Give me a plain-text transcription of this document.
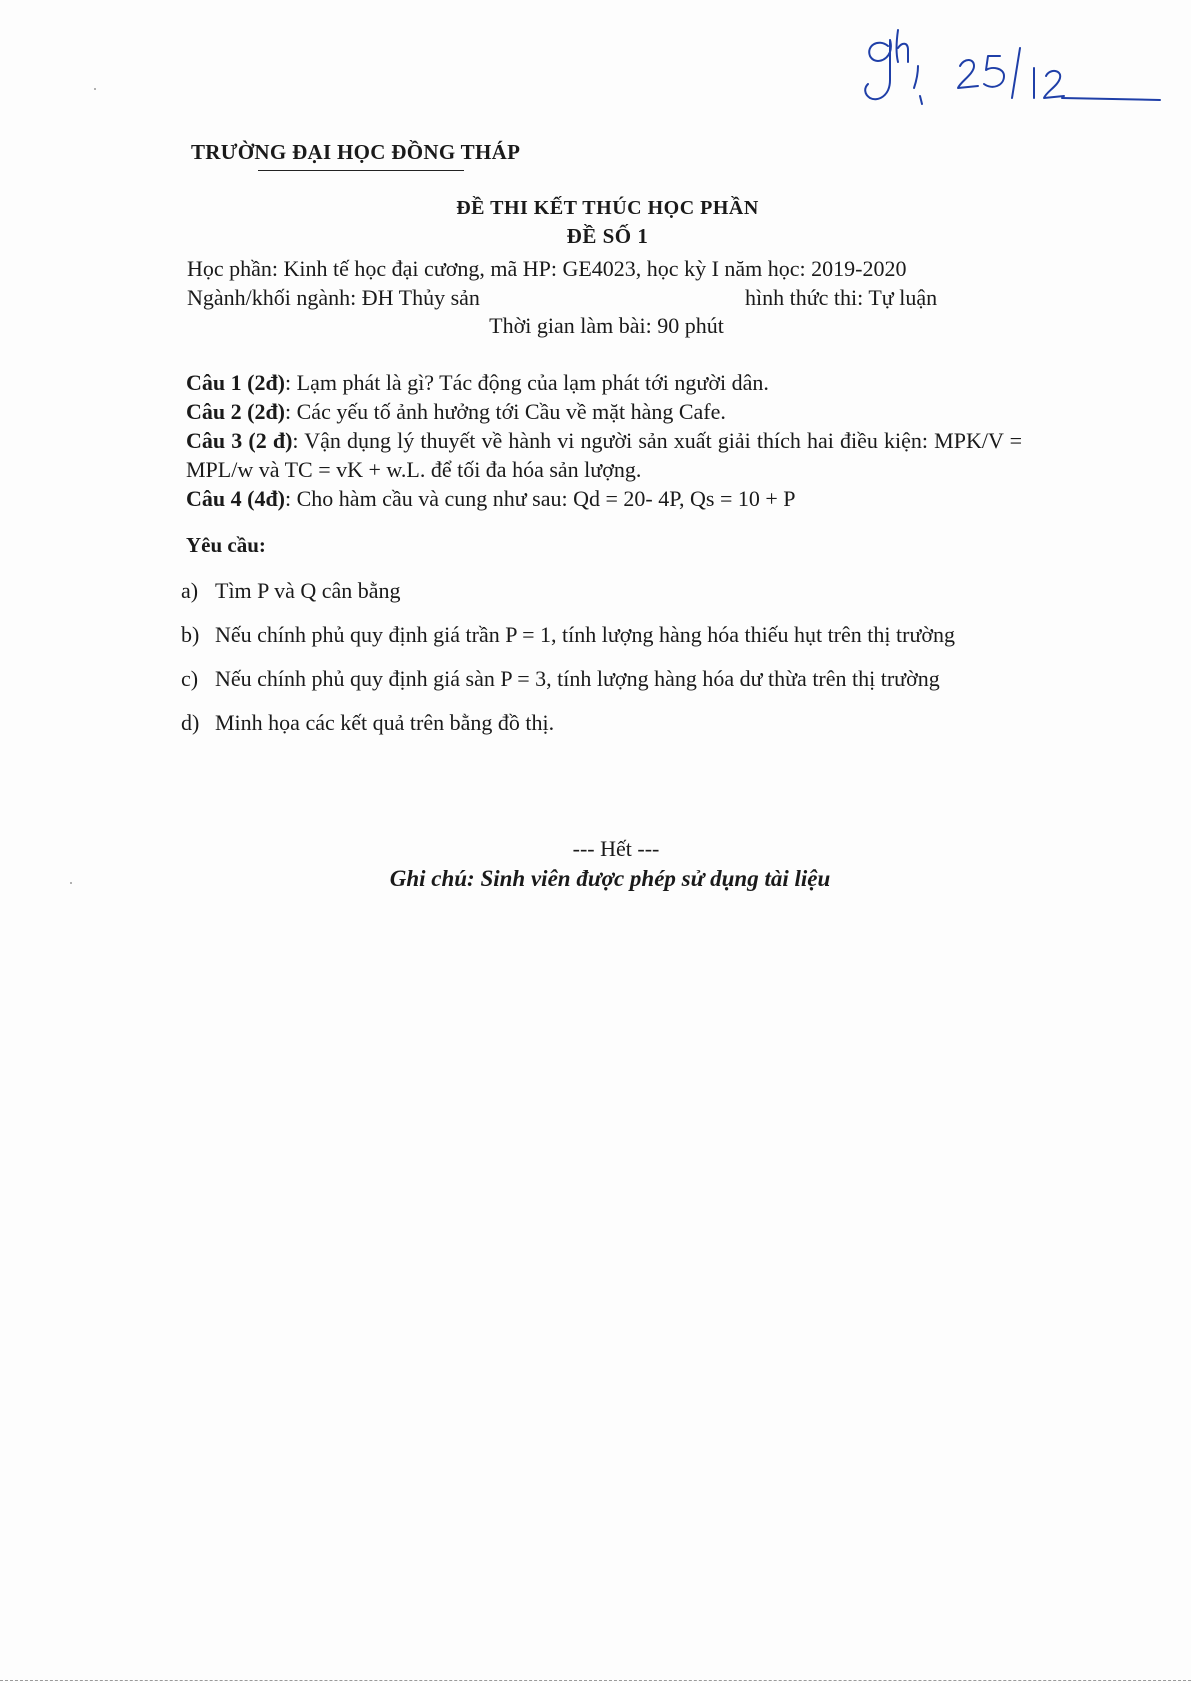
TRƯỜNG ĐẠI HỌC ĐỒNG THÁP
ĐỀ THI KẾT THÚC HỌC PHẦN
ĐỀ SỐ 1
Học phần: Kinh tế học đại cương, mã HP: GE4023, học kỳ I năm học: 2019-2020
Ngành/khối ngành: ĐH Thủy sản	hình thức thi: Tự luận
Thời gian làm bài: 90 phút

Câu 1 (2đ): Lạm phát là gì? Tác động của lạm phát tới người dân.

Câu 2 (2đ): Các yếu tố ảnh hưởng tới Cầu về mặt hàng Cafe.

Câu 3 (2 đ): Vận dụng lý thuyết về hành vi người sản xuất giải thích hai điều kiện: MPK/V = MPL/w và TC = vK + w.L. để tối đa hóa sản lượng.

Câu 4 (4đ): Cho hàm cầu và cung như sau: Qd = 20- 4P, Qs = 10 + P

Yêu cầu:
a) Tìm P và Q cân bằng
b) Nếu chính phủ quy định giá trần P = 1, tính lượng hàng hóa thiếu hụt trên thị trường
c) Nếu chính phủ quy định giá sàn P = 3, tính lượng hàng hóa dư thừa trên thị trường
d) Minh họa các kết quả trên bằng đồ thị.
--- Hết ---
Ghi chú: Sinh viên được phép sử dụng tài liệu
